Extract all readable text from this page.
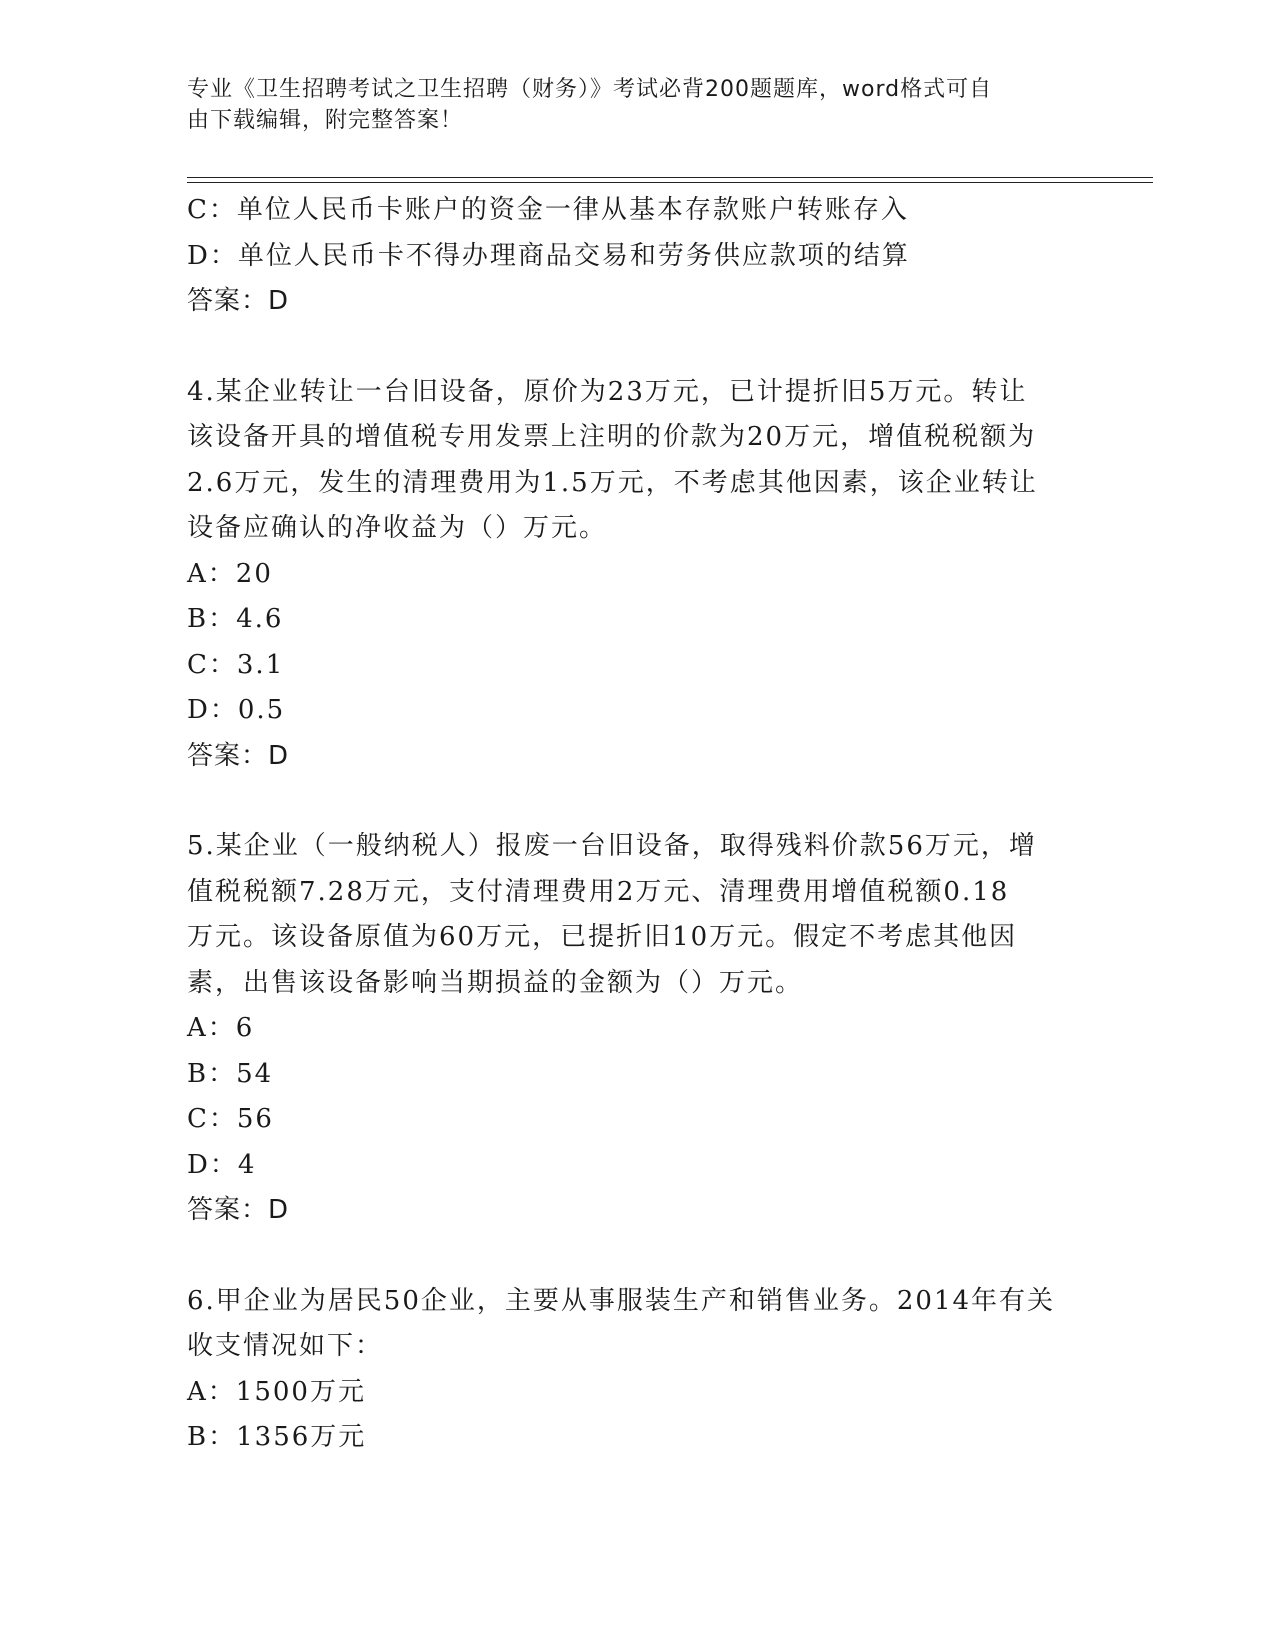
专业《卫生招聘考试之卫生招聘（财务）》考试必背200题题库，word格式可自
由下载编辑，附完整答案！
C：单位人民币卡账户的资金一律从基本存款账户转账存入
D：单位人民币卡不得办理商品交易和劳务供应款项的结算
答案：D
4.某企业转让一台旧设备，原价为23万元，已计提折旧5万元。转让
该设备开具的增值税专用发票上注明的价款为20万元，增值税税额为
2.6万元，发生的清理费用为1.5万元，不考虑其他因素，该企业转让
设备应确认的净收益为（）万元。
A：20
B：4.6
C：3.1
D：0.5
答案：D
5.某企业（一般纳税人）报废一台旧设备，取得残料价款56万元，增
值税税额7.28万元，支付清理费用2万元、清理费用增值税额0.18
万元。该设备原值为60万元，已提折旧10万元。假定不考虑其他因
素，出售该设备影响当期损益的金额为（）万元。
A：6
B：54
C：56
D：4
答案：D
6.甲企业为居民50企业，主要从事服装生产和销售业务。2014年有关
收支情况如下：
A：1500万元
B：1356万元
